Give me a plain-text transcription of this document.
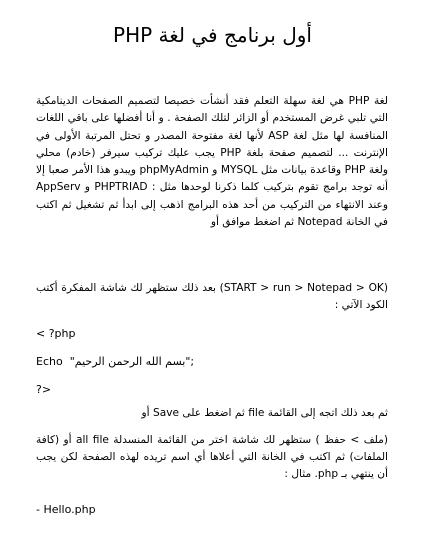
أول برنامج في لغة PHP
لغة PHP هي لغة سهلة التعلم فقد أنشأت خصيصا لتصميم الصفحات الدينامكية التي تلبي غرض المستخدم أو الزائر لتلك الصفحة . و أنا أفضلها على باقي اللغات المنافسة لها مثل لغة ASP لأنها لغة مفتوحة المصدر و تحتل المرتبة الأولى في الإنترنت ... لتصميم صفحة بلغة PHP يجب عليك تركيب سيرفر (خادم) محلي ولغة PHP وقاعدة بيانات مثل MYSQL و phpMyAdmin ويبدو هذا الأمر صعبا إلا أنه توجد برامج تقوم بتركيب كلما ذكرنا لوحدها مثل : PHPTRIAD و AppServ وعند الانتهاء من التركيب من أحد هذه البرامج اذهب إلى ابدأ ثم تشغيل ثم اكتب في الخانة Notepad ثم اضغط موافق أو
(START > run > Notepad > OK) بعد ذلك ستظهر لك شاشة المفكرة أكتب الكود الآتي :
< ?php
Echo "بسم الله الرحمن الرحيم";
?>
ثم بعد ذلك اتجه إلى القائمة file ثم اضغط على Save أو
(ملف > حفظ ) ستظهر لك شاشة اختر من القائمة المنسدلة all file أو (كافة الملفات) ثم اكتب في الخانة التي أعلاها أي اسم تريده لهذه الصفحة لكن يجب أن ينتهي بـ php. مثال :
- Hello.php
